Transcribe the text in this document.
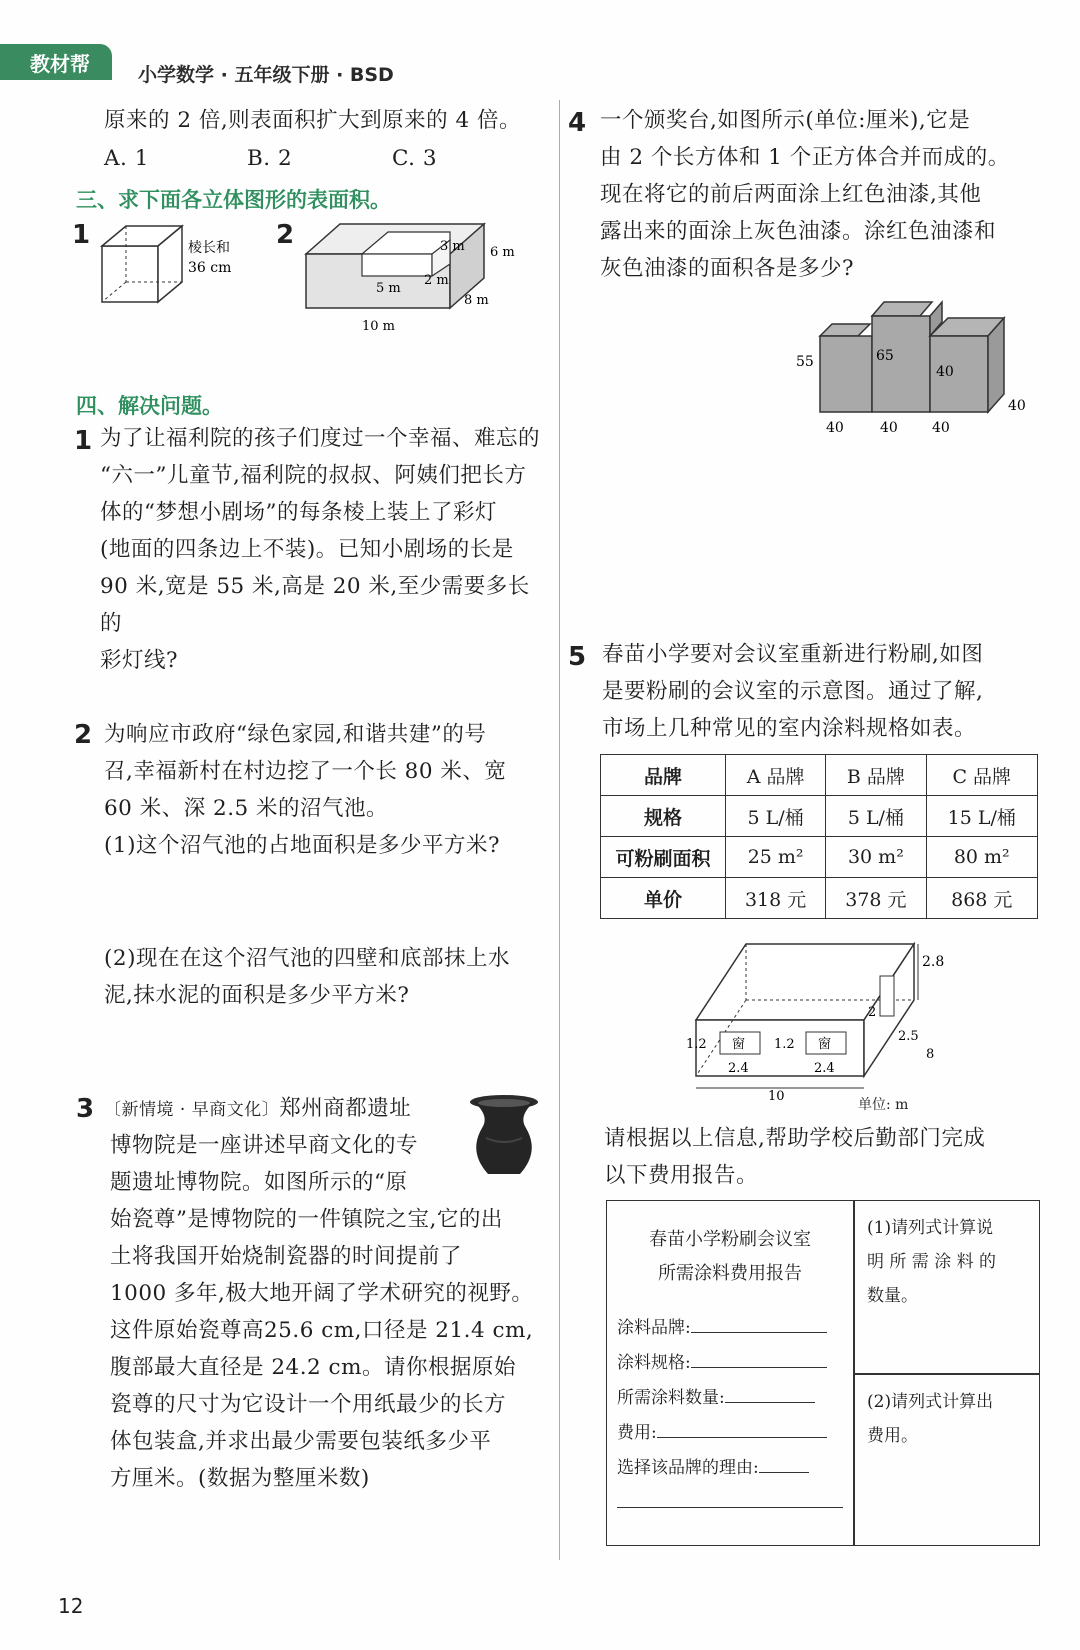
教材帮	小学数学 · 五年级下册 · BSD
原来的 2 倍,则表面积扩大到原来的 4 倍。
A. 1	B. 2	C. 3
三、求下面各立体图形的表面积。
1	棱长和
36 cm
2	3 m 6 m
5 m
2 m
8 m
10 m
四、解决问题。
1 为了让福利院的孩子们度过一个幸福、难忘的
“六一”儿童节,福利院的叔叔、阿姨们把长方
体的“梦想小剧场”的每条棱上装上了彩灯
(地面的四条边上不装)。已知小剧场的长是
90 米,宽是 55 米,高是 20 米,至少需要多长的
彩灯线?
2 为响应市政府“绿色家园,和谐共建”的号
召,幸福新村在村边挖了一个长 80 米、宽
60 米、深 2.5 米的沼气池。
(1)这个沼气池的占地面积是多少平方米?
(2)现在在这个沼气池的四壁和底部抹上水
泥,抹水泥的面积是多少平方米?
3 〔新情境 · 早商文化〕郑州商都遗址
博物院是一座讲述早商文化的专
题遗址博物院。如图所示的“原
始瓷尊”是博物院的一件镇院之宝,它的出
土将我国开始烧制瓷器的时间提前了
1000 多年,极大地开阔了学术研究的视野。
这件原始瓷尊高25.6 cm,口径是 21.4 cm,
腹部最大直径是 24.2 cm。请你根据原始
瓷尊的尺寸为它设计一个用纸最少的长方
体包装盒,并求出最少需要包装纸多少平
方厘米。(数据为整厘米数)
4 一个颁奖台,如图所示(单位:厘米),它是
由 2 个长方体和 1 个正方体合并而成的。
现在将它的前后两面涂上红色油漆,其他
露出来的面涂上灰色油漆。涂红色油漆和
灰色油漆的面积各是多少?
55	65
40
40	40 40
40
5 春苗小学要对会议室重新进行粉刷,如图
是要粉刷的会议室的示意图。通过了解,
市场上几种常见的室内涂料规格如表。
品牌	A 品牌	B 品牌	C 品牌
规格	5 L/桶	5 L/桶	15 L/桶
可粉刷面积	25 m²	30 m²	80 m²
单价	318 元	378 元	868 元
2.8
2
2.5
8
1.2 窗 1.2 窗
2.4
10
2.4
单位: m
请根据以上信息,帮助学校后勤部门完成
以下费用报告。
春苗小学粉刷会议室
所需涂料费用报告
涂料品牌:
涂料规格:
所需涂料数量:
费用:
选择该品牌的理由:
(1)请列式计算说
明 所 需 涂 料 的
数量。
(2)请列式计算出
费用。
12
